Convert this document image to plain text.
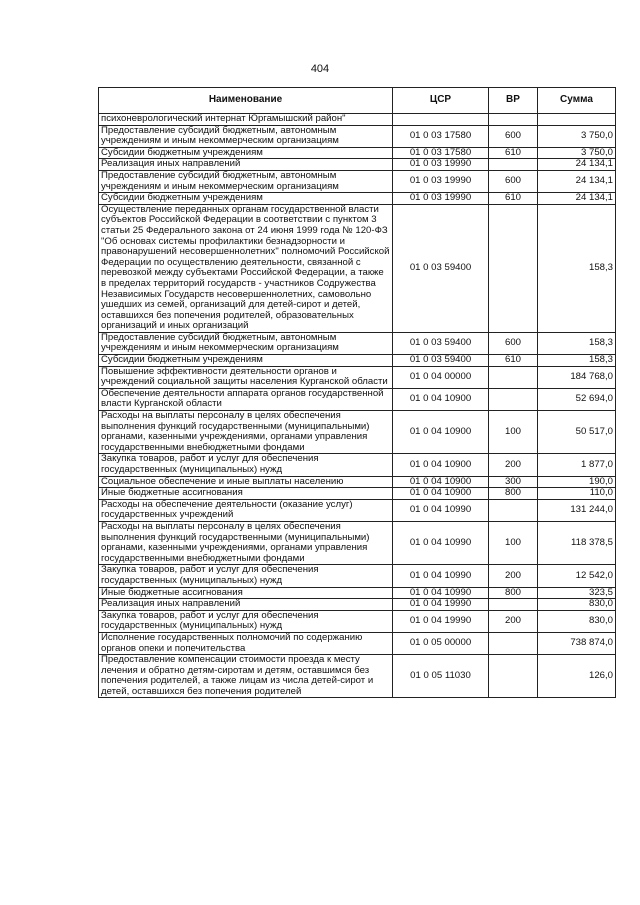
404
Наименование	ЦСР	ВР	Сумма
психоневрологический интернат Юргамышский район"			
Предоставление субсидий бюджетным, автономным учреждениям и иным некоммерческим организациям	01 0 03 17580	600	3 750,0
Субсидии бюджетным учреждениям	01 0 03 17580	610	3 750,0
Реализация иных направлений	01 0 03 19990		24 134,1
Предоставление субсидий бюджетным, автономным учреждениям и иным некоммерческим организациям	01 0 03 19990	600	24 134,1
Субсидии бюджетным учреждениям	01 0 03 19990	610	24 134,1
Осуществление переданных органам государственной власти субъектов Российской Федерации в соответствии с пунктом 3 статьи 25 Федерального закона от 24 июня 1999 года № 120-ФЗ "Об основах системы профилактики безнадзорности и правонарушений несовершеннолетних" полномочий Российской Федерации по осуществлению деятельности, связанной с перевозкой между субъектами Российской Федерации, а также в пределах территорий государств - участников Содружества Независимых Государств несовершеннолетних, самовольно ушедших из семей, организаций для детей-сирот и детей, оставшихся без попечения родителей, образовательных организаций и иных организаций	01 0 03 59400		158,3
Предоставление субсидий бюджетным, автономным учреждениям и иным некоммерческим организациям	01 0 03 59400	600	158,3
Субсидии бюджетным учреждениям	01 0 03 59400	610	158,3
Повышение эффективности деятельности органов и учреждений социальной защиты населения Курганской области	01 0 04 00000		184 768,0
Обеспечение деятельности аппарата органов государственной власти Курганской области	01 0 04 10900		52 694,0
Расходы на выплаты персоналу в целях обеспечения выполнения функций государственными (муниципальными) органами, казенными учреждениями, органами управления государственными внебюджетными фондами	01 0 04 10900	100	50 517,0
Закупка товаров, работ и услуг для обеспечения государственных (муниципальных) нужд	01 0 04 10900	200	1 877,0
Социальное обеспечение и иные выплаты населению	01 0 04 10900	300	190,0
Иные бюджетные ассигнования	01 0 04 10900	800	110,0
Расходы на обеспечение деятельности (оказание услуг) государственных учреждений	01 0 04 10990		131 244,0
Расходы на выплаты персоналу в целях обеспечения выполнения функций государственными (муниципальными) органами, казенными учреждениями, органами управления государственными внебюджетными фондами	01 0 04 10990	100	118 378,5
Закупка товаров, работ и услуг для обеспечения государственных (муниципальных) нужд	01 0 04 10990	200	12 542,0
Иные бюджетные ассигнования	01 0 04 10990	800	323,5
Реализация иных направлений	01 0 04 19990		830,0
Закупка товаров, работ и услуг для обеспечения государственных (муниципальных) нужд	01 0 04 19990	200	830,0
Исполнение государственных полномочий по содержанию органов опеки и попечительства	01 0 05 00000		738 874,0
Предоставление компенсации стоимости проезда к месту лечения и обратно детям-сиротам и детям, оставшимся без попечения родителей, а также лицам из числа детей-сирот и детей, оставшихся без попечения родителей	01 0 05 11030		126,0
